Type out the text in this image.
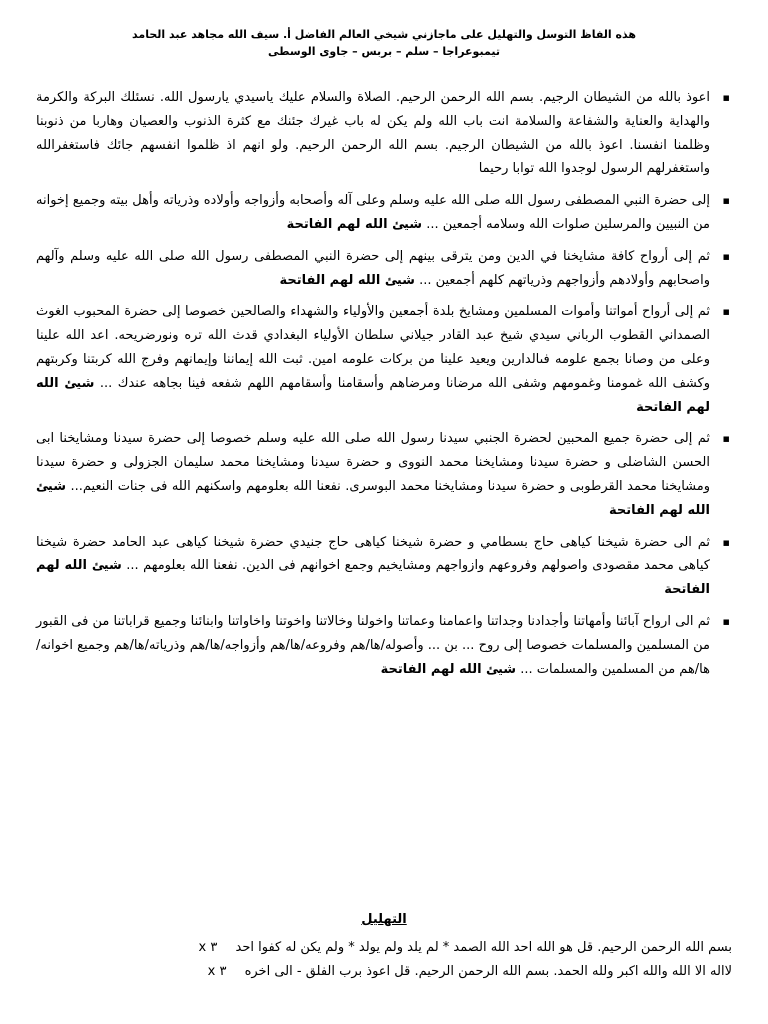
هذه الفاظ التوسل والتهليل على ماجازني شيخي العالم الفاضل أ. سيف الله مجاهد عبد الحامد
تيمبوعراجا – سلم – بربس – جاوى الوسطى
▪ اعوذ بالله من الشيطان الرجيم. بسم الله الرحمن الرحيم. الصلاة والسلام عليك ياسيدي يارسول الله. نسئلك البركة والكرمة والهداية والعناية والشفاعة والسلامة انت باب الله ولم يكن له باب غيرك جئنك مع كثرة الذنوب والعصيان وهاربا من ذنوبنا وظلمنا انفسنا. اعوذ بالله من الشيطان الرجيم. بسم الله الرحمن الرحيم. ولو انهم اذ ظلموا انفسهم جائك فاستغفرالله واستغفرلهم الرسول لوجدوا الله توابا رحيما
▪ إلى حضرة النبي المصطفى رسول الله صلى الله عليه وسلم وعلى آله وأصحابه وأزواجه وأولاده وذرياته وأهل بيته وجميع إخوانه من النبيين والمرسلين صلوات الله وسلامه أجمعين ... شيئ الله لهم الفاتحة
▪ ثم إلى أرواح كافة مشايخنا في الدين ومن يترقى بينهم إلى حضرة النبي المصطفى رسول الله صلى الله عليه وسلم وآلهم واصحابهم وأولادهم وأزواجهم وذرياتهم كلهم أجمعين ... شيئ الله لهم الفاتحة
▪ ثم إلى أرواح أمواتنا وأموات المسلمين ومشايخ بلدة أجمعين والأولياء والشهداء والصالحين خصوصا إلى حضرة المحبوب الغوث الصمداني القطوب الرباني سيدي شيخ عبد القادر جيلاني سلطان الأولياء البغدادي قدث الله تره ونورضريحه. اعد الله علينا وعلى من وصانا بجمع علومه فىالدارين ويعيد علينا من بركات علومه امين. ثبت الله إيماننا وإيمانهم وفرج الله كربتنا وكربتهم وكشف الله غمومنا وغمومهم وشفى الله مرضانا ومرضاهم وأسقامنا وأسقامهم اللهم شفعه فينا بجاهه عندك ... شيئ الله لهم الفاتحة
▪ ثم إلى حضرة جميع المحبين لحضرة الجنبي سيدنا رسول الله صلى الله عليه وسلم خصوصا إلى حضرة سيدنا ومشايخنا ابى الحسن الشاضلى و حضرة سيدنا ومشايخنا محمد النووى و حضرة سيدنا ومشايخنا محمد سليمان الجزولى و حضرة سيدنا ومشايخنا محمد القرطوبى و حضرة سيدنا ومشايخنا محمد البوسرى. نفعنا الله بعلومهم واسكنهم الله فى جنات النعيم... شيئ الله لهم الفاتحة
▪ ثم الى حضرة شيخنا كياهى حاج بسطامي و حضرة شيخنا كياهى حاج جنيدي حضرة شيخنا كياهى عبد الحامد حضرة شيخنا كياهى محمد مقصودى واصولهم وفروعهم وازواجهم ومشايخيم وجمع اخوانهم فى الدين. نفعنا الله بعلومهم ... شيئ الله لهم الفاتحة
▪ ثم الى ارواح آبائنا وأمهاتنا وأجدادنا وجداتنا واعمامنا وعماتنا واخولنا وخالاتنا واخوتنا واخاواتنا وابنائنا وجميع قراباتنا من فى القبور من المسلمين والمسلمات خصوصا إلى روح ... بن ... وأصوله/ها/هم وفروعه/ها/هم وأزواجه/ها/هم وذرياته/ها/هم وجميع اخوانه/ها/هم من المسلمين والمسلمات ... شيئ الله لهم الفاتحة
التهليل
بسم الله الرحمن الرحيم. قل هو الله احد الله الصمد * لم يلد ولم يولد * ولم يكن له كفوا احد ٣ x
لااله الا الله والله اكبر ولله الحمد. بسم الله الرحمن الرحيم. قل اعوذ برب الفلق - الى اخره ٣ x
